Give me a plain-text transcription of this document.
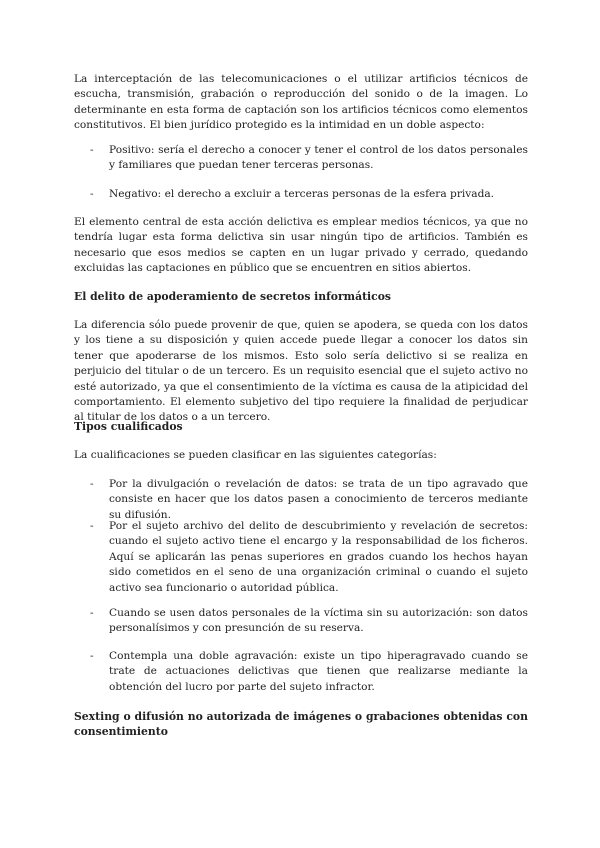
La interceptación de las telecomunicaciones o el utilizar artificios técnicos de escucha, transmisión, grabación o reproducción del sonido o de la imagen. Lo determinante en esta forma de captación son los artificios técnicos como elementos constitutivos. El bien jurídico protegido es la intimidad en un doble aspecto:

- Positivo: sería el derecho a conocer y tener el control de los datos personales y familiares que puedan tener terceras personas.
- Negativo: el derecho a excluir a terceras personas de la esfera privada.

El elemento central de esta acción delictiva es emplear medios técnicos, ya que no tendría lugar esta forma delictiva sin usar ningún tipo de artificios. También es necesario que esos medios se capten en un lugar privado y cerrado, quedando excluidas las captaciones en público que se encuentren en sitios abiertos.

El delito de apoderamiento de secretos informáticos

La diferencia sólo puede provenir de que, quien se apodera, se queda con los datos y los tiene a su disposición y quien accede puede llegar a conocer los datos sin tener que apoderarse de los mismos. Esto solo sería delictivo si se realiza en perjuicio del titular o de un tercero. Es un requisito esencial que el sujeto activo no esté autorizado, ya que el consentimiento de la víctima es causa de la atipicidad del comportamiento. El elemento subjetivo del tipo requiere la finalidad de perjudicar al titular de los datos o a un tercero.

Tipos cualificados

La cualificaciones se pueden clasificar en las siguientes categorías:

- Por la divulgación o revelación de datos: se trata de un tipo agravado que consiste en hacer que los datos pasen a conocimiento de terceros mediante su difusión.
- Por el sujeto archivo del delito de descubrimiento y revelación de secretos: cuando el sujeto activo tiene el encargo y la responsabilidad de los ficheros. Aquí se aplicarán las penas superiores en grados cuando los hechos hayan sido cometidos en el seno de una organización criminal o cuando el sujeto activo sea funcionario o autoridad pública.
- Cuando se usen datos personales de la víctima sin su autorización: son datos personalísimos y con presunción de su reserva.
- Contempla una doble agravación: existe un tipo hiperagravado cuando se trate de actuaciones delictivas que tienen que realizarse mediante la obtención del lucro por parte del sujeto infractor.
Sexting o difusión no autorizada de imágenes o grabaciones obtenidas con consentimiento
